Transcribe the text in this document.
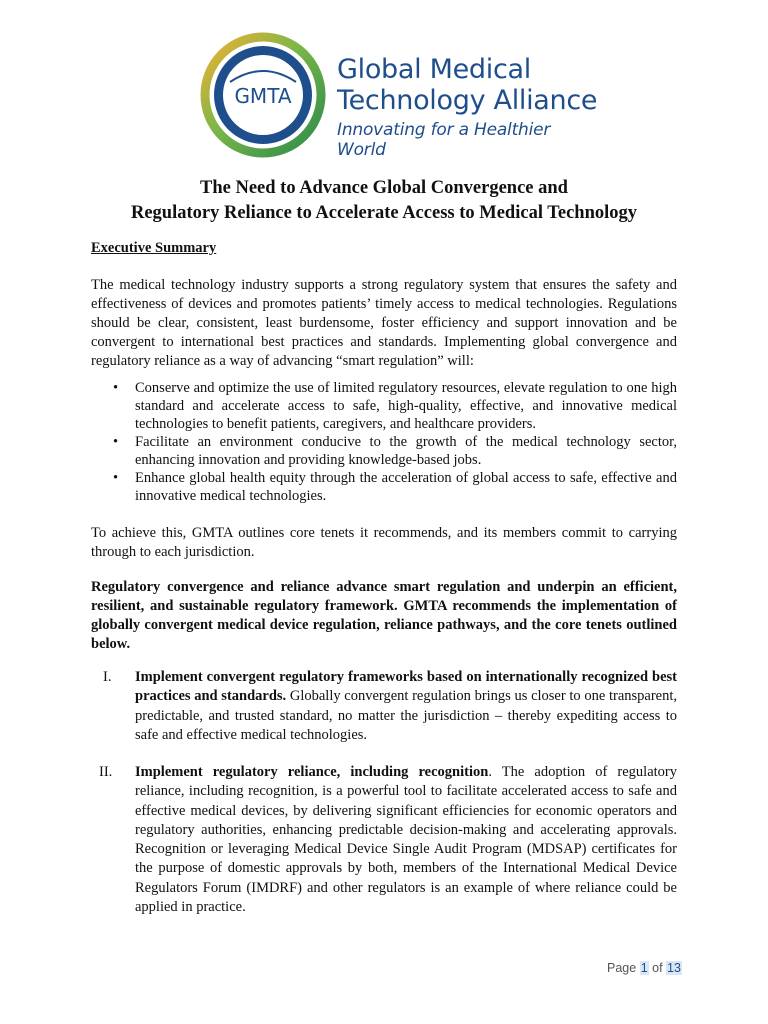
GMTA
Global Medical
Technology Alliance
Innovating for a Healthier World
The Need to Advance Global Convergence and
Regulatory Reliance to Accelerate Access to Medical Technology
Executive Summary
The medical technology industry supports a strong regulatory system that ensures the safety and effectiveness of devices and promotes patients’ timely access to medical technologies. Regulations should be clear, consistent, least burdensome, foster efficiency and support innovation and be convergent to international best practices and standards. Implementing global convergence and regulatory reliance as a way of advancing “smart regulation” will:
• Conserve and optimize the use of limited regulatory resources, elevate regulation to one high standard and accelerate access to safe, high-quality, effective, and innovative medical technologies to benefit patients, caregivers, and healthcare providers.
• Facilitate an environment conducive to the growth of the medical technology sector, enhancing innovation and providing knowledge-based jobs.
• Enhance global health equity through the acceleration of global access to safe, effective and innovative medical technologies.
To achieve this, GMTA outlines core tenets it recommends, and its members commit to carrying through to each jurisdiction.
Regulatory convergence and reliance advance smart regulation and underpin an efficient, resilient, and sustainable regulatory framework. GMTA recommends the implementation of globally convergent medical device regulation, reliance pathways, and the core tenets outlined below.
I. Implement convergent regulatory frameworks based on internationally recognized best practices and standards. Globally convergent regulation brings us closer to one transparent, predictable, and trusted standard, no matter the jurisdiction – thereby expediting access to safe and effective medical technologies.
II. Implement regulatory reliance, including recognition. The adoption of regulatory reliance, including recognition, is a powerful tool to facilitate accelerated access to safe and effective medical devices, by delivering significant efficiencies for economic operators and regulatory authorities, enhancing predictable decision-making and accelerating approvals. Recognition or leveraging Medical Device Single Audit Program (MDSAP) certificates for the purpose of domestic approvals by both, members of the International Medical Device Regulators Forum (IMDRF) and other regulators is an example of where reliance could be applied in practice.
Page 1 of 13
